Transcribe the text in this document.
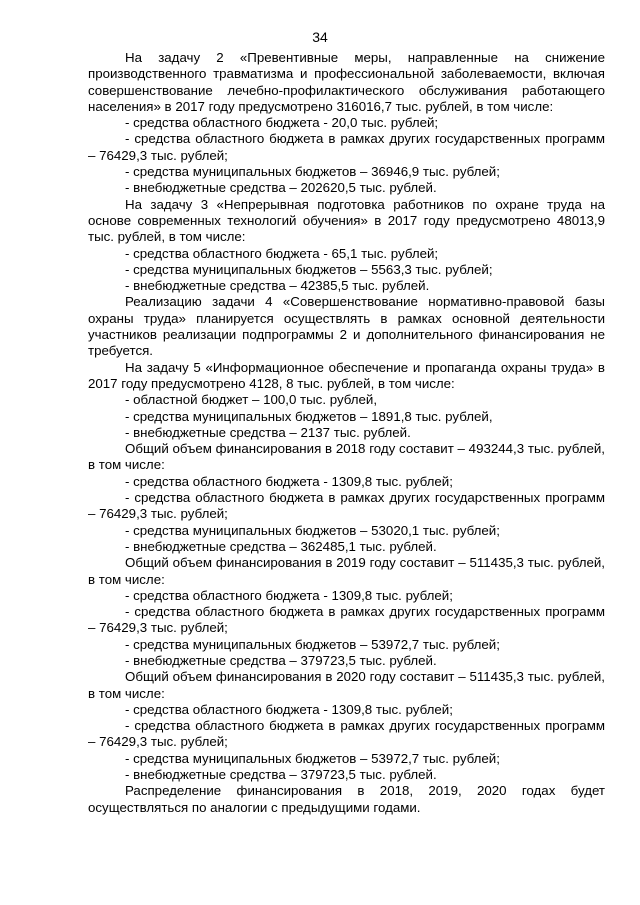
34

На задачу 2 «Превентивные меры, направленные на снижение производственного травматизма и профессиональной заболеваемости, включая совершенствование лечебно-профилактического обслуживания работающего населения» в 2017 году предусмотрено 316016,7 тыс. рублей, в том числе:

- средства областного бюджета - 20,0 тыс. рублей;

- средства областного бюджета в рамках других государственных программ – 76429,3 тыс. рублей;

- средства муниципальных бюджетов – 36946,9 тыс. рублей;

- внебюджетные средства – 202620,5 тыс. рублей.

На задачу 3 «Непрерывная подготовка работников по охране труда на основе современных технологий обучения» в 2017 году предусмотрено 48013,9 тыс. рублей, в том числе:

- средства областного бюджета - 65,1 тыс. рублей;

- средства муниципальных бюджетов – 5563,3 тыс. рублей;

- внебюджетные средства – 42385,5 тыс. рублей.

Реализацию задачи 4 «Совершенствование нормативно-правовой базы охраны труда» планируется осуществлять в рамках основной деятельности участников реализации подпрограммы 2 и дополнительного финансирования не требуется.

На задачу 5 «Информационное обеспечение и пропаганда охраны труда» в 2017 году предусмотрено 4128, 8 тыс. рублей, в том числе:

- областной бюджет – 100,0 тыс. рублей,

- средства муниципальных бюджетов – 1891,8 тыс. рублей,

- внебюджетные средства – 2137 тыс. рублей.

Общий объем финансирования в 2018 году составит – 493244,3 тыс. рублей, в том числе:

- средства областного бюджета - 1309,8 тыс. рублей;

- средства областного бюджета в рамках других государственных программ – 76429,3 тыс. рублей;

- средства муниципальных бюджетов – 53020,1 тыс. рублей;

- внебюджетные средства – 362485,1 тыс. рублей.

Общий объем финансирования в 2019 году составит – 511435,3 тыс. рублей, в том числе:

- средства областного бюджета - 1309,8 тыс. рублей;

- средства областного бюджета в рамках других государственных программ – 76429,3 тыс. рублей;

- средства муниципальных бюджетов – 53972,7 тыс. рублей;

- внебюджетные средства – 379723,5 тыс. рублей.

Общий объем финансирования в 2020 году составит – 511435,3 тыс. рублей, в том числе:

- средства областного бюджета - 1309,8 тыс. рублей;

- средства областного бюджета в рамках других государственных программ – 76429,3 тыс. рублей;

- средства муниципальных бюджетов – 53972,7 тыс. рублей;

- внебюджетные средства – 379723,5 тыс. рублей.

Распределение финансирования в 2018, 2019, 2020 годах будет осуществляться по аналогии с предыдущими годами.
